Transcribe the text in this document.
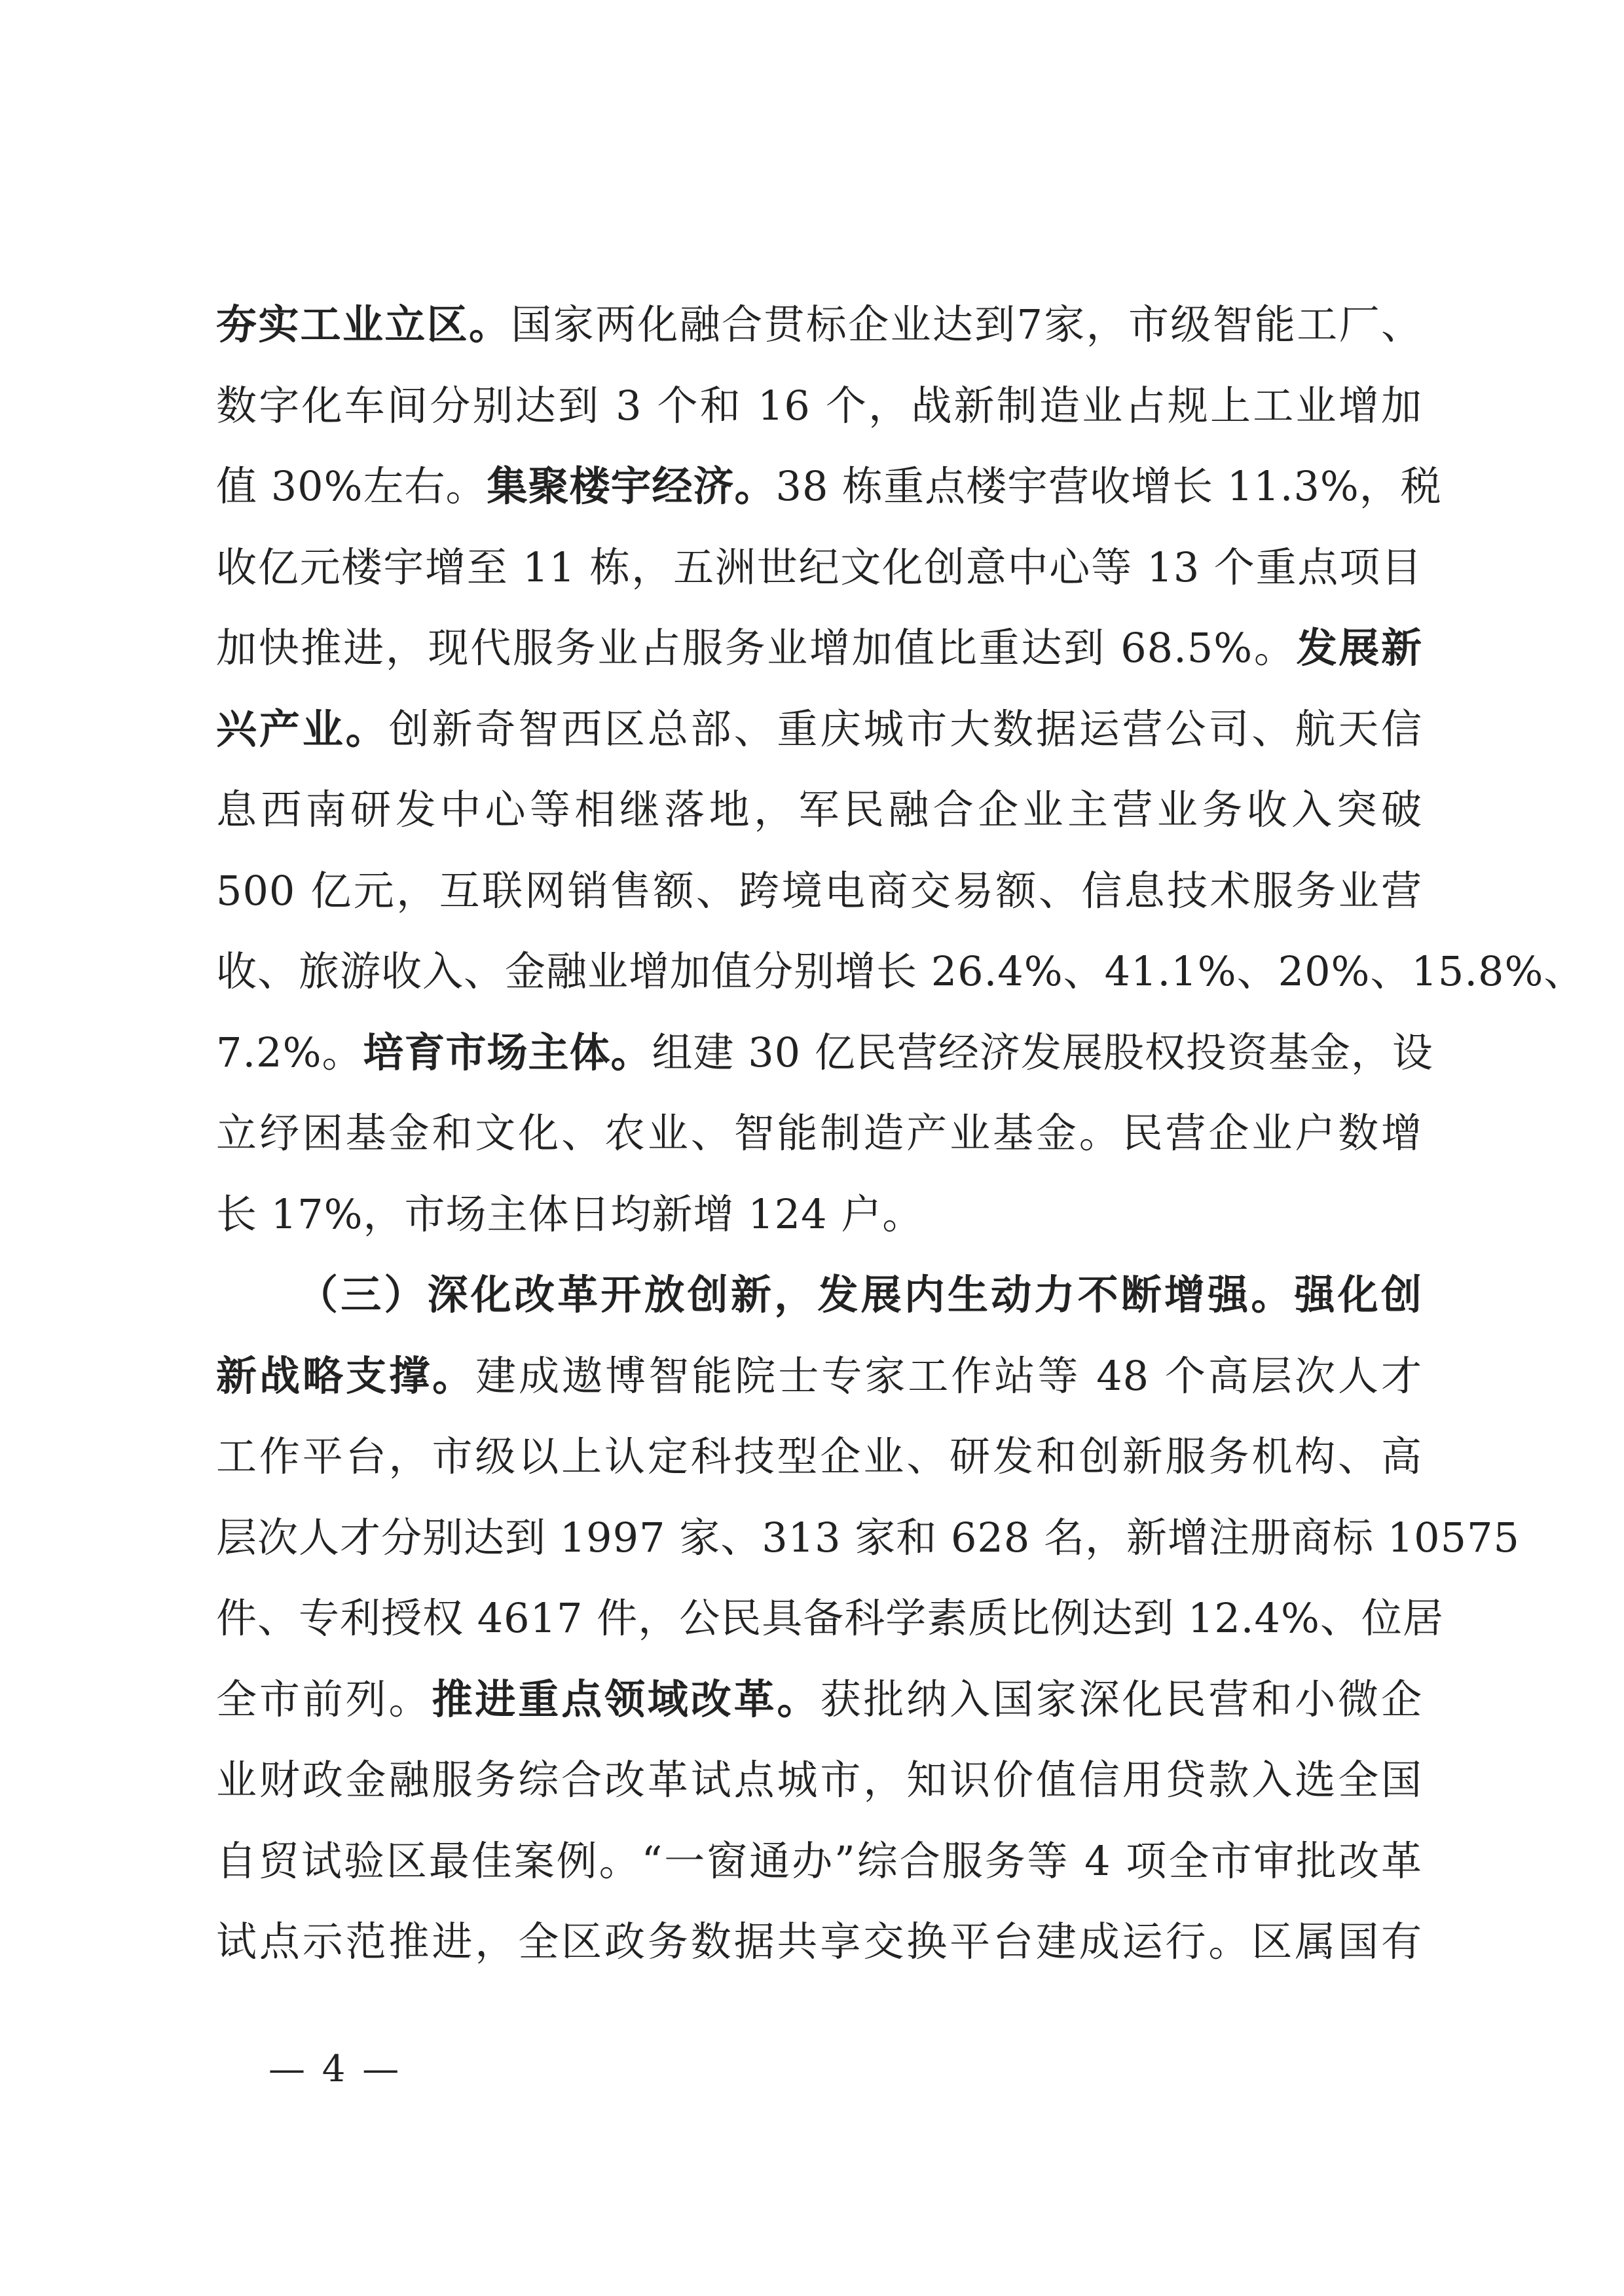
夯实工业立区。国家两化融合贯标企业达到7家，市级智能工厂、
数字化车间分别达到 3 个和 16 个，战新制造业占规上工业增加
值 30%左右。集聚楼宇经济。38 栋重点楼宇营收增长 11.3%，税
收亿元楼宇增至 11 栋，五洲世纪文化创意中心等 13 个重点项目
加快推进，现代服务业占服务业增加值比重达到 68.5%。发展新
兴产业。创新奇智西区总部、重庆城市大数据运营公司、航天信
息西南研发中心等相继落地，军民融合企业主营业务收入突破
500 亿元，互联网销售额、跨境电商交易额、信息技术服务业营
收、旅游收入、金融业增加值分别增长 26.4%、41.1%、20%、15.8%、
7.2%。培育市场主体。组建 30 亿民营经济发展股权投资基金，设
立纾困基金和文化、农业、智能制造产业基金。民营企业户数增
长 17%，市场主体日均新增 124 户。
（三）深化改革开放创新，发展内生动力不断增强。强化创
新战略支撑。建成遨博智能院士专家工作站等 48 个高层次人才
工作平台，市级以上认定科技型企业、研发和创新服务机构、高
层次人才分别达到 1997 家、313 家和 628 名，新增注册商标 10575
件、专利授权 4617 件，公民具备科学素质比例达到 12.4%、位居
全市前列。推进重点领域改革。获批纳入国家深化民营和小微企
业财政金融服务综合改革试点城市，知识价值信用贷款入选全国
自贸试验区最佳案例。“一窗通办”综合服务等 4 项全市审批改革
试点示范推进，全区政务数据共享交换平台建成运行。区属国有
— 4 —
